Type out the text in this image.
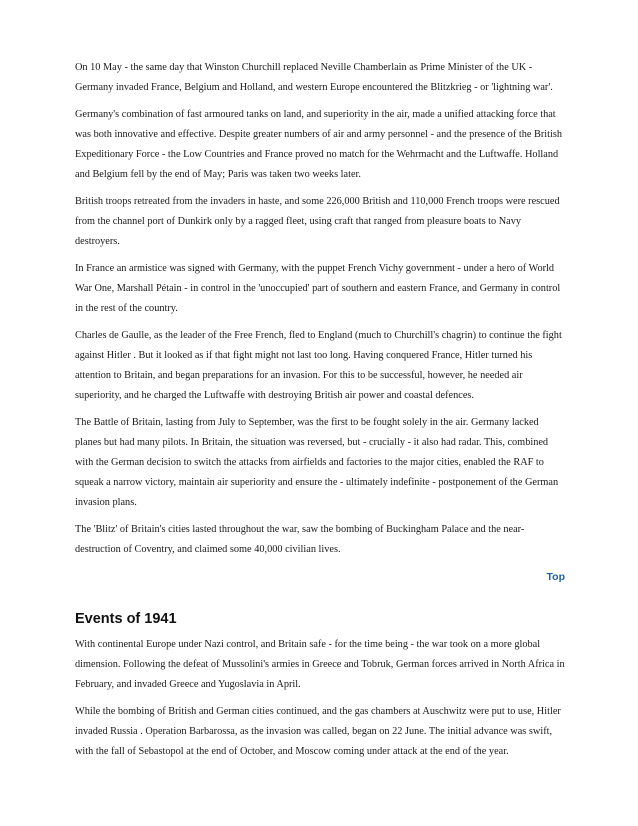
On 10 May - the same day that Winston Churchill replaced Neville Chamberlain as Prime Minister of the UK - Germany invaded France, Belgium and Holland, and western Europe encountered the Blitzkrieg - or 'lightning war'.

Germany's combination of fast armoured tanks on land, and superiority in the air, made a unified attacking force that was both innovative and effective. Despite greater numbers of air and army personnel - and the presence of the British Expeditionary Force - the Low Countries and France proved no match for the Wehrmacht and the Luftwaffe. Holland and Belgium fell by the end of May; Paris was taken two weeks later.

British troops retreated from the invaders in haste, and some 226,000 British and 110,000 French troops were rescued from the channel port of Dunkirk only by a ragged fleet, using craft that ranged from pleasure boats to Navy destroyers.

In France an armistice was signed with Germany, with the puppet French Vichy government - under a hero of World War One, Marshall Pétain - in control in the 'unoccupied' part of southern and eastern France, and Germany in control in the rest of the country.

Charles de Gaulle, as the leader of the Free French, fled to England (much to Churchill's chagrin) to continue the fight against Hitler . But it looked as if that fight might not last too long. Having conquered France, Hitler turned his attention to Britain, and began preparations for an invasion. For this to be successful, however, he needed air superiority, and he charged the Luftwaffe with destroying British air power and coastal defences.

The Battle of Britain, lasting from July to September, was the first to be fought solely in the air. Germany lacked planes but had many pilots. In Britain, the situation was reversed, but - crucially - it also had radar. This, combined with the German decision to switch the attacks from airfields and factories to the major cities, enabled the RAF to squeak a narrow victory, maintain air superiority and ensure the - ultimately indefinite - postponement of the German invasion plans.

The 'Blitz' of Britain's cities lasted throughout the war, saw the bombing of Buckingham Palace and the near-destruction of Coventry, and claimed some 40,000 civilian lives.

Top
Events of 1941

With continental Europe under Nazi control, and Britain safe - for the time being - the war took on a more global dimension. Following the defeat of Mussolini's armies in Greece and Tobruk, German forces arrived in North Africa in February, and invaded Greece and Yugoslavia in April.

While the bombing of British and German cities continued, and the gas chambers at Auschwitz were put to use, Hitler invaded Russia . Operation Barbarossa, as the invasion was called, began on 22 June. The initial advance was swift, with the fall of Sebastopol at the end of October, and Moscow coming under attack at the end of the year.
